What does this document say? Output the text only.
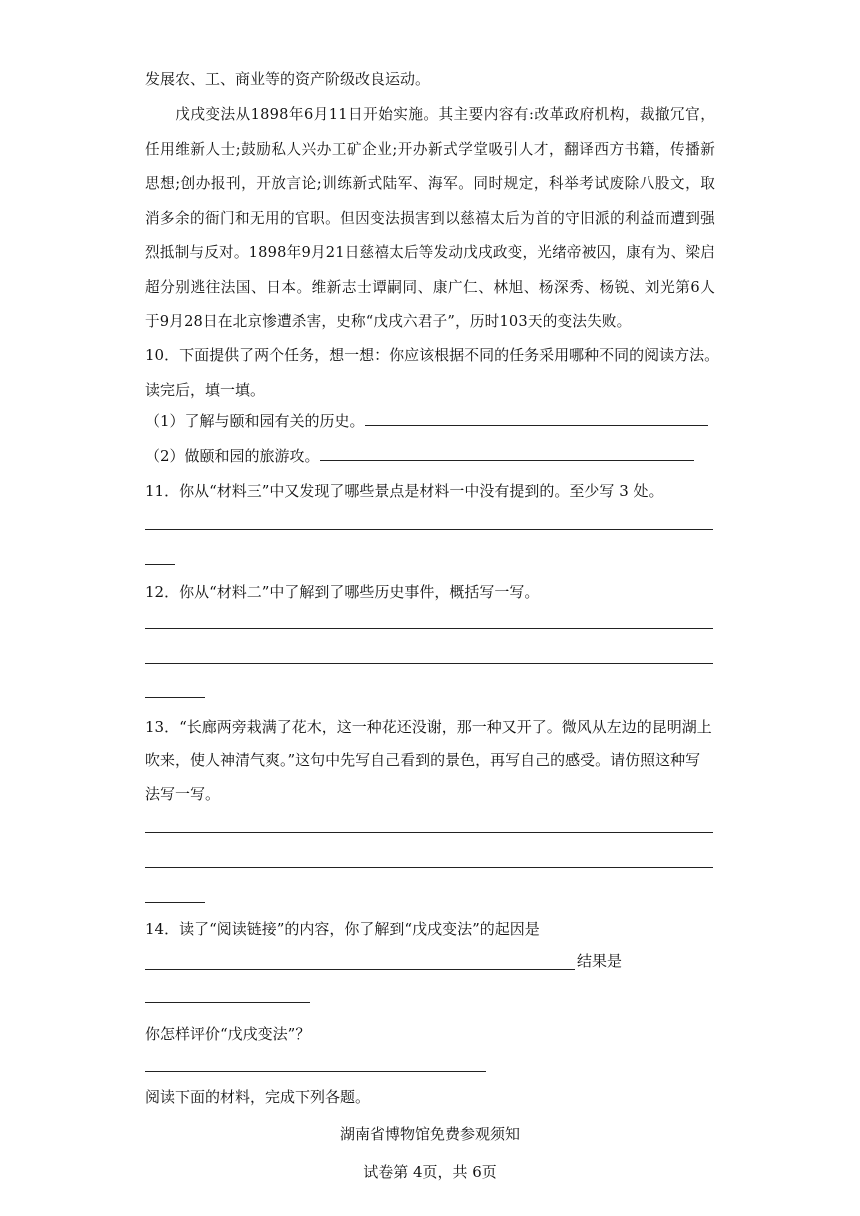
发展农、工、商业等的资产阶级改良运动。
戊戌变法从1898年6月11日开始实施。其主要内容有:改革政府机构，裁撤冗官，任用维新人士;鼓励私人兴办工矿企业;开办新式学堂吸引人才，翻译西方书籍，传播新思想;创办报刊，开放言论;训练新式陆军、海军。同时规定，科举考试废除八股文，取消多余的衙门和无用的官职。但因变法损害到以慈禧太后为首的守旧派的利益而遭到强烈抵制与反对。1898年9月21日慈禧太后等发动戊戌政变，光绪帝被囚，康有为、梁启超分别逃往法国、日本。维新志士谭嗣同、康广仁、林旭、杨深秀、杨锐、刘光第6人于9月28日在北京惨遭杀害，史称“戊戌六君子”，历时103天的变法失败。
10．下面提供了两个任务，想一想：你应该根据不同的任务采用哪种不同的阅读方法。
读完后，填一填。
（1）了解与颐和园有关的历史。
（2）做颐和园的旅游攻。
11．你从“材料三”中又发现了哪些景点是材料一中没有提到的。至少写 3 处。
12．你从“材料二”中了解到了哪些历史事件，概括写一写。
13．“长廊两旁栽满了花木，这一种花还没谢，那一种又开了。微风从左边的昆明湖上
吹来，使人神清气爽。”这句中先写自己看到的景色，再写自己的感受。请仿照这种写
法写一写。
14．读了“阅读链接”的内容，你了解到“戊戌变法”的起因是
结果是
你怎样评价“戊戌变法”？
阅读下面的材料，完成下列各题。
湖南省博物馆免费参观须知
试卷第 4页，共 6页
